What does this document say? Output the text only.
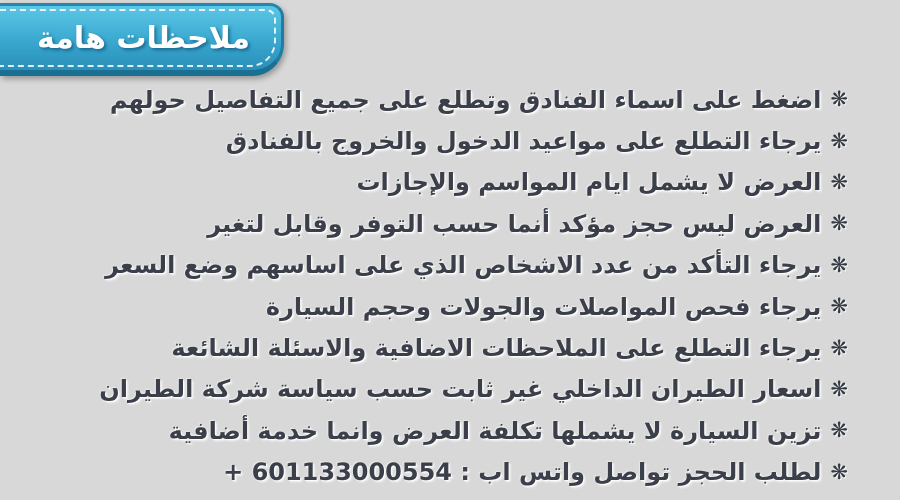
ملاحظات هامة
❋
اضغط على اسماء الفنادق وتطلع على جميع التفاصيل حولهم
❋
يرجاء التطلع على مواعيد الدخول والخروج بالفنادق
❋
العرض لا يشمل ايام المواسم والإجازات
❋
العرض ليس حجز مؤكد أنما حسب التوفر وقابل لتغير
❋
يرجاء التأكد من عدد الاشخاص الذي على اساسهم وضع السعر
❋
يرجاء فحص المواصلات والجولات وحجم السيارة
❋
يرجاء التطلع على الملاحظات الاضافية والاسئلة الشائعة
❋
اسعار الطيران الداخلي غير ثابت حسب سياسة شركة الطيران
❋
تزين السيارة لا يشملها تكلفة العرض وانما خدمة أضافية
❋
لطلب الحجز تواصل واتس اب : 601133000554 +
